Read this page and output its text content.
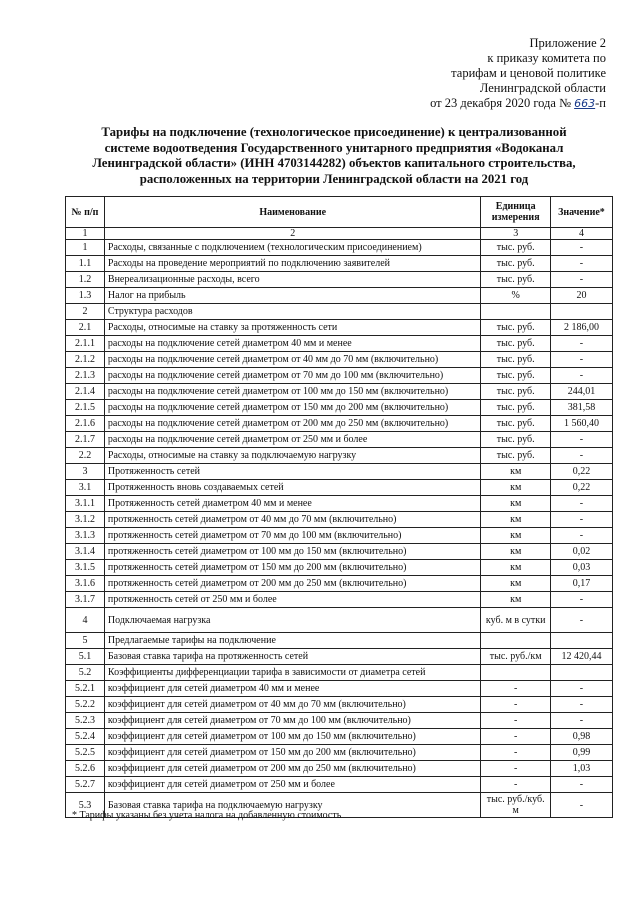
Приложение 2
к приказу комитета по
тарифам и ценовой политике
Ленинградской области
от 23 декабря 2020 года № 663-п
Тарифы на подключение (технологическое присоединение) к централизованной системе водоотведения Государственного унитарного предприятия «Водоканал Ленинградской области» (ИНН 4703144282) объектов капитального строительства, расположенных на территории Ленинградской области на 2021 год
№ п/п	Наименование	Единица измерения	Значение*
1	2	3	4
1	Расходы, связанные с подключением (технологическим присоединением)	тыс. руб.	-
1.1	Расходы на проведение мероприятий по подключению заявителей	тыс. руб.	-
1.2	Внереализационные расходы, всего	тыс. руб.	-
1.3	Налог на прибыль	%	20
2	Структура расходов		
2.1	Расходы, относимые на ставку за протяженность сети	тыс. руб.	2 186,00
2.1.1	расходы на подключение сетей диаметром 40 мм и менее	тыс. руб.	-
2.1.2	расходы на подключение сетей диаметром от 40 мм до 70 мм (включительно)	тыс. руб.	-
2.1.3	расходы на подключение сетей диаметром от 70 мм до 100 мм (включительно)	тыс. руб.	-
2.1.4	расходы на подключение сетей диаметром от 100 мм до 150 мм (включительно)	тыс. руб.	244,01
2.1.5	расходы на подключение сетей диаметром от 150 мм до 200 мм (включительно)	тыс. руб.	381,58
2.1.6	расходы на подключение сетей диаметром от 200 мм до 250 мм (включительно)	тыс. руб.	1 560,40
2.1.7	расходы на подключение сетей диаметром от 250 мм и более	тыс. руб.	-
2.2	Расходы, относимые на ставку за подключаемую нагрузку	тыс. руб.	-
3	Протяженность сетей	км	0,22
3.1	Протяженность вновь создаваемых сетей	км	0,22
3.1.1	Протяженность сетей диаметром 40 мм и менее	км	-
3.1.2	протяженность сетей диаметром от 40 мм до 70 мм (включительно)	км	-
3.1.3	протяженность сетей диаметром от 70 мм до 100 мм (включительно)	км	-
3.1.4	протяженность сетей диаметром от 100 мм до 150 мм (включительно)	км	0,02
3.1.5	протяженность сетей диаметром от 150 мм до 200 мм (включительно)	км	0,03
3.1.6	протяженность сетей диаметром от 200 мм до 250 мм (включительно)	км	0,17
3.1.7	протяженность сетей от 250 мм и более	км	-
4	Подключаемая нагрузка	куб. м в сутки	-
5	Предлагаемые тарифы на подключение		
5.1	Базовая ставка тарифа на протяженность сетей	тыс. руб./км	12 420,44
5.2	Коэффициенты дифференциации тарифа в зависимости от диаметра сетей		
5.2.1	коэффициент для сетей диаметром 40 мм и менее	-	-
5.2.2	коэффициент для сетей диаметром от 40 мм до 70 мм (включительно)	-	-
5.2.3	коэффициент для сетей диаметром от 70 мм до 100 мм (включительно)	-	-
5.2.4	коэффициент для сетей диаметром от 100 мм до 150 мм (включительно)	-	0,98
5.2.5	коэффициент для сетей диаметром от 150 мм до 200 мм (включительно)	-	0,99
5.2.6	коэффициент для сетей диаметром от 200 мм до 250 мм (включительно)	-	1,03
5.2.7	коэффициент для сетей диаметром от 250 мм и более	-	-
5.3	Базовая ставка тарифа на подключаемую нагрузку	тыс. руб./куб. м	-
* Тарифы указаны без учета налога на добавленную стоимость
